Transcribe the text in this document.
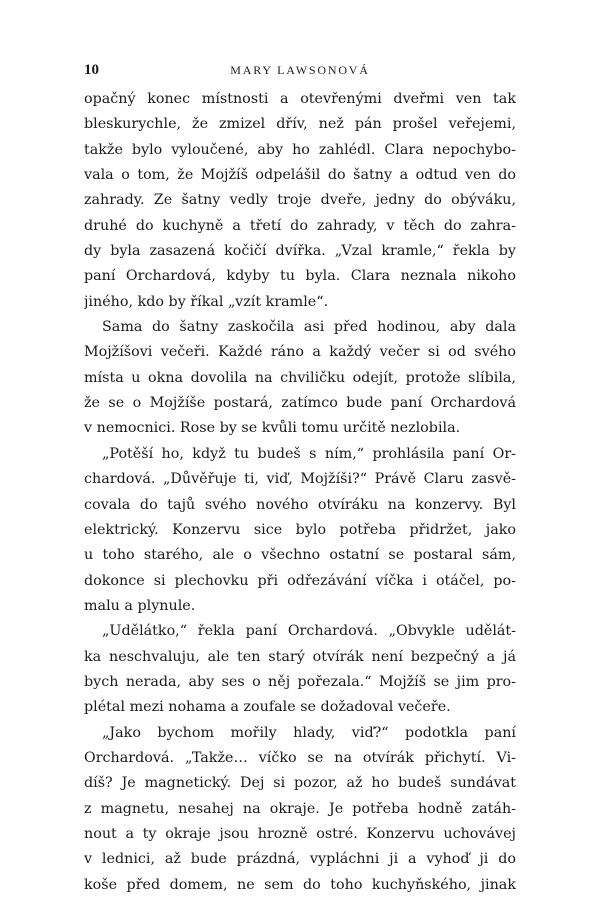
10	MARY LAWSONOVÁ
opačný konec místnosti a otevřenými dveřmi ven tak
bleskurychle, že zmizel dřív, než pán prošel veřejemi,
takže bylo vyloučené, aby ho zahlédl. Clara nepochybo-
vala o tom, že Mojžíš odpelášil do šatny a odtud ven do
zahrady. Ze šatny vedly troje dveře, jedny do obýváku,
druhé do kuchyně a třetí do zahrady, v těch do zahra-
dy byla zasazená kočičí dvířka. „Vzal kramle,“ řekla by
paní Orchardová, kdyby tu byla. Clara neznala nikoho
jiného, kdo by říkal „vzít kramle“.
Sama do šatny zaskočila asi před hodinou, aby dala
Mojžíšovi večeři. Každé ráno a každý večer si od svého
místa u okna dovolila na chviličku odejít, protože slíbila,
že se o Mojžíše postará, zatímco bude paní Orchardová
v nemocnici. Rose by se kvůli tomu určitě nezlobila.
„Potěší ho, když tu budeš s ním,“ prohlásila paní Or-
chardová. „Důvěřuje ti, viď, Mojžíši?“ Právě Claru zasvě-
covala do tajů svého nového otvíráku na konzervy. Byl
elektrický. Konzervu sice bylo potřeba přidržet, jako
u toho starého, ale o všechno ostatní se postaral sám,
dokonce si plechovku při odřezávání víčka i otáčel, po-
malu a plynule.
„Udělátko,“ řekla paní Orchardová. „Obvykle udělát-
ka neschvaluju, ale ten starý otvírák není bezpečný a já
bych nerada, aby ses o něj pořezala.“ Mojžíš se jim pro-
plétal mezi nohama a zoufale se dožadoval večeře.
„Jako bychom mořily hlady, viď?“ podotkla paní
Orchardová. „Takže… víčko se na otvírák přichytí. Vi-
díš? Je magnetický. Dej si pozor, až ho budeš sundávat
z magnetu, nesahej na okraje. Je potřeba hodně zatáh-
nout a ty okraje jsou hrozně ostré. Konzervu uchovávej
v lednici, až bude prázdná, vypláchni ji a vyhoď ji do
koše před domem, ne sem do toho kuchyňského, jinak
